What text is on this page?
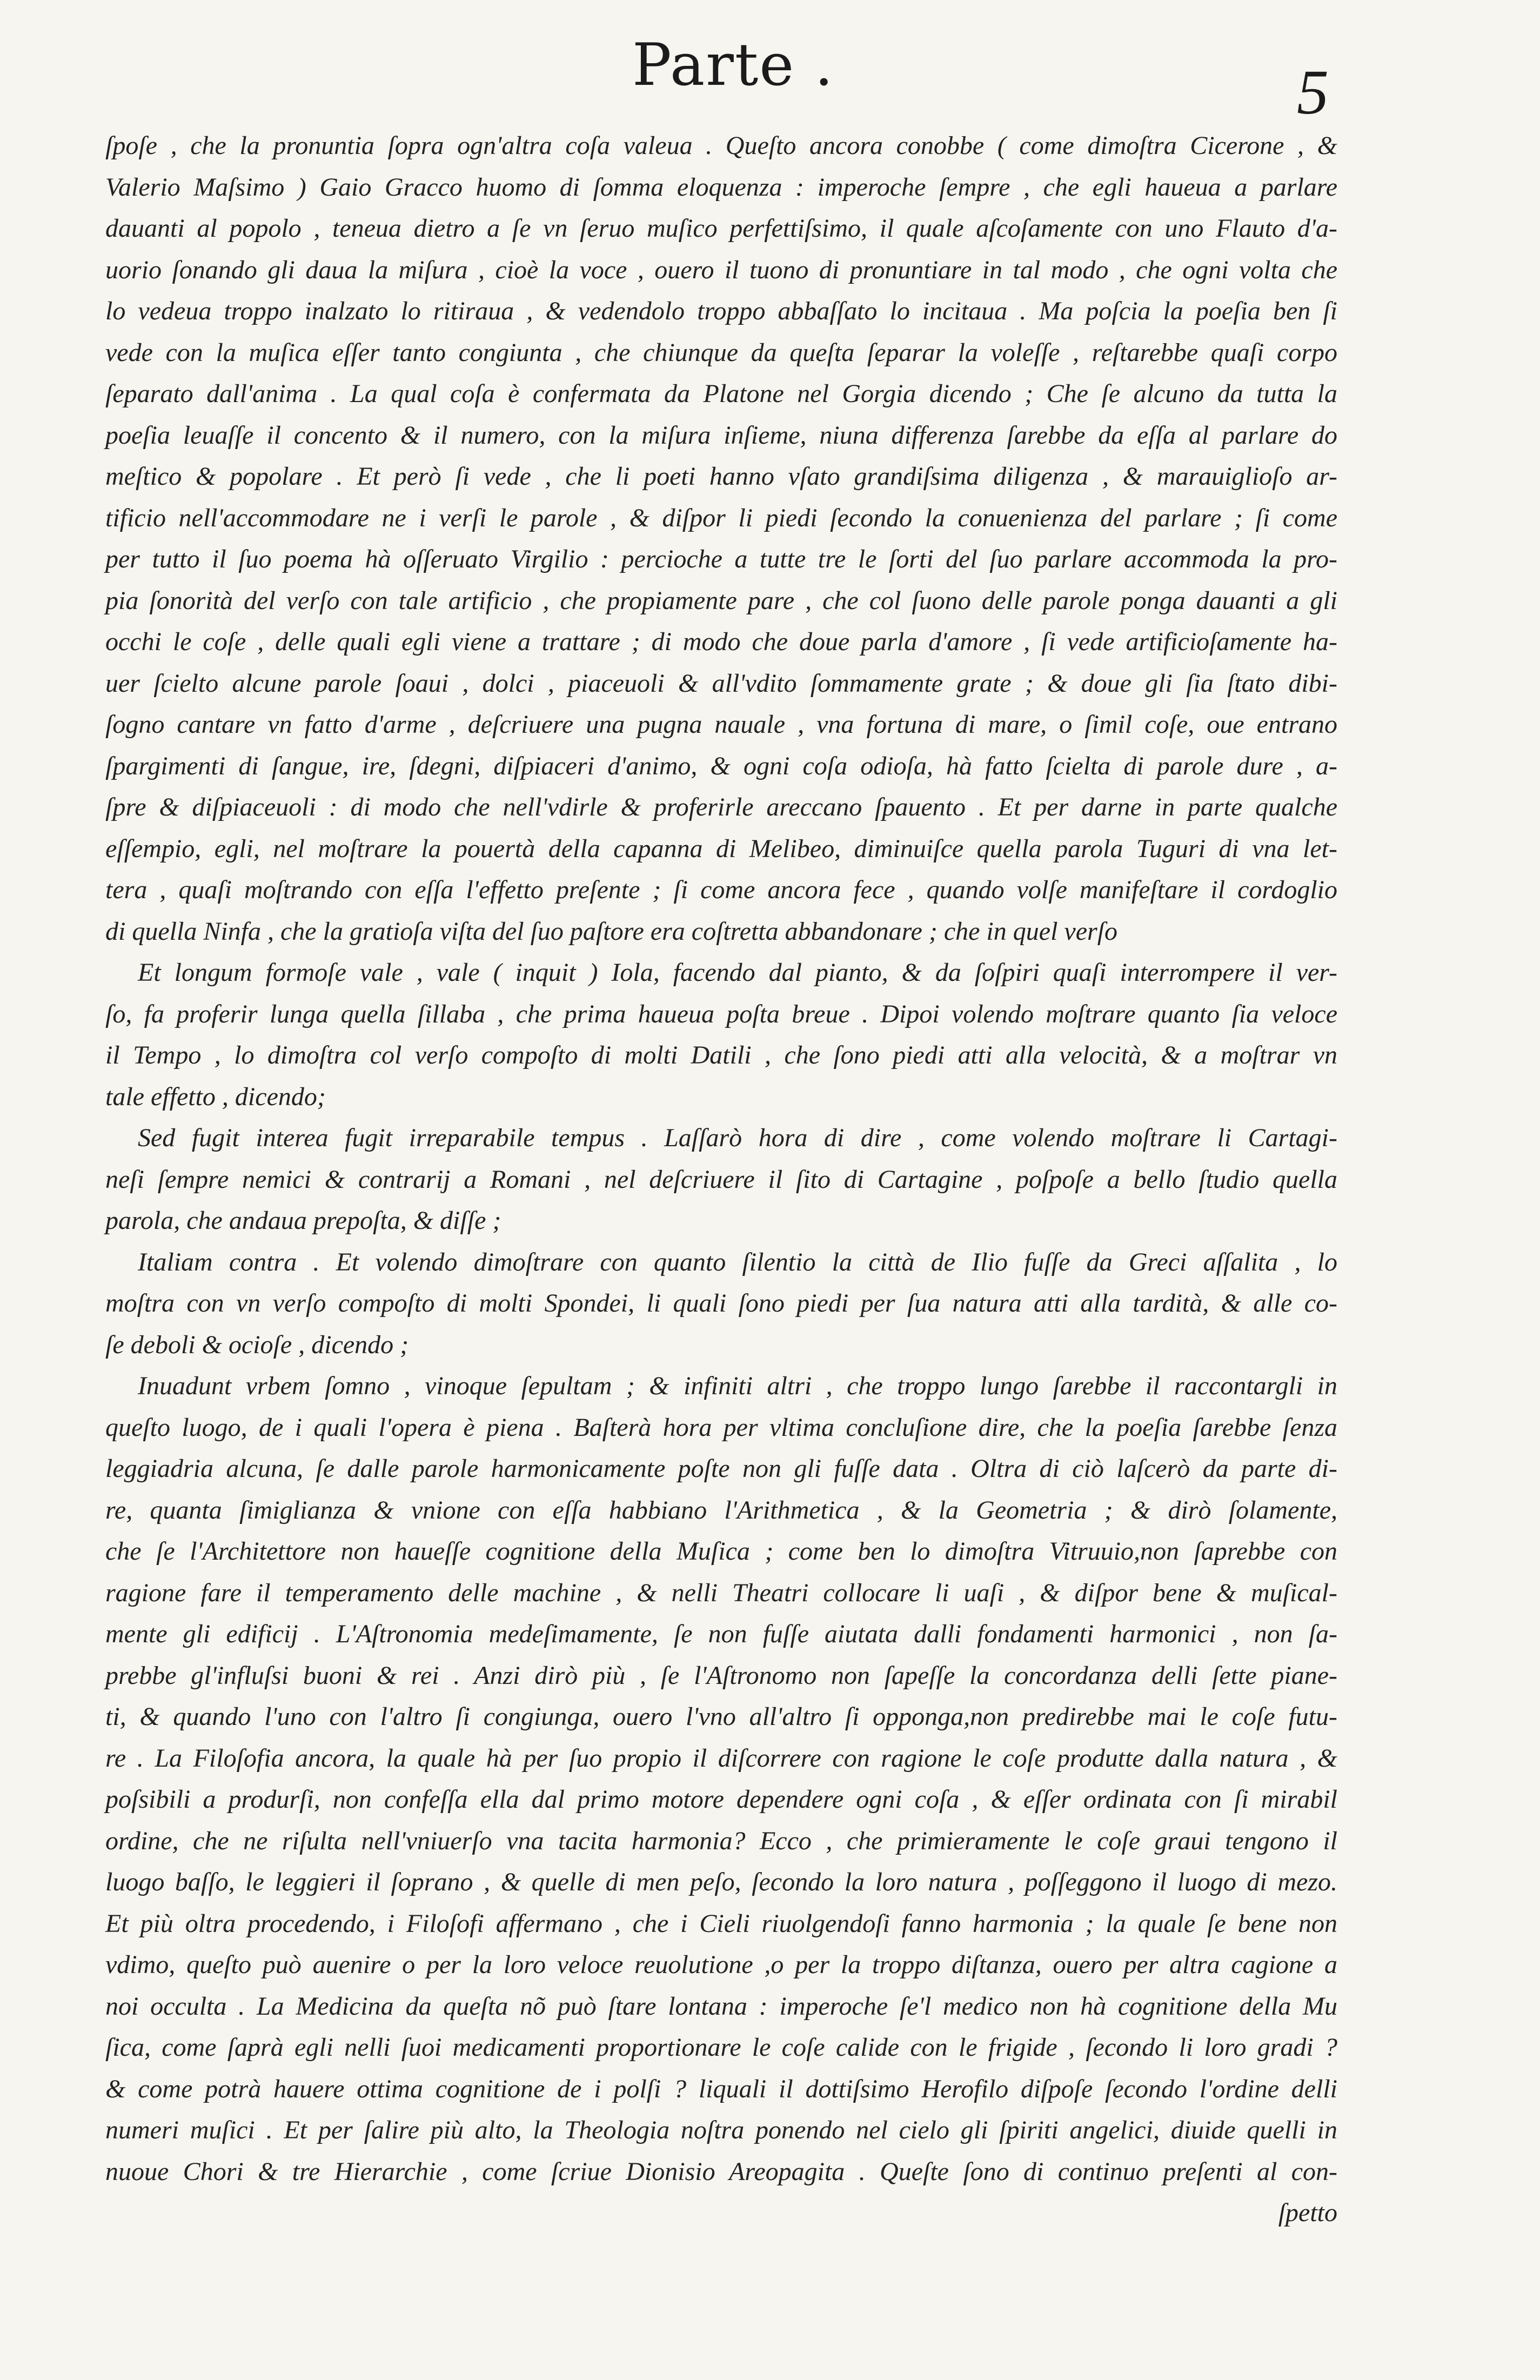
Parte .	5
ſpoſe , che la pronuntia ſopra ogn'altra coſa valeua . Queſto ancora conobbe ( come dimoſtra Cicerone , &
Valerio Maſsimo ) Gaio Gracco huomo di ſomma eloquenza : imperoche ſempre , che egli haueua a parlare
dauanti al popolo , teneua dietro a ſe vn ſeruo muſico perfettiſsimo, il quale aſcoſamente con uno Flauto d'a-
uorio ſonando gli daua la miſura , cioè la voce , ouero il tuono di pronuntiare in tal modo , che ogni volta che
lo vedeua troppo inalzato lo ritiraua , & vedendolo troppo abbaſſato lo incitaua . Ma poſcia la poeſia ben ſi
vede con la muſica eſſer tanto congiunta , che chiunque da queſta ſeparar la voleſſe , reſtarebbe quaſi corpo
ſeparato dall'anima . La qual coſa è confermata da Platone nel Gorgia dicendo ; Che ſe alcuno da tutta la
poeſia leuaſſe il concento & il numero, con la miſura inſieme, niuna differenza ſarebbe da eſſa al parlare do
meſtico & popolare . Et però ſi vede , che li poeti hanno vſato grandiſsima diligenza , & marauiglioſo ar-
tificio nell'accommodare ne i verſi le parole , & diſpor li piedi ſecondo la conuenienza del parlare ; ſi come
per tutto il ſuo poema hà oſſeruato Virgilio : percioche a tutte tre le ſorti del ſuo parlare accommoda la pro-
pia ſonorità del verſo con tale artificio , che propiamente pare , che col ſuono delle parole ponga dauanti a gli
occhi le coſe , delle quali egli viene a trattare ; di modo che doue parla d'amore , ſi vede artificioſamente ha-
uer ſcielto alcune parole ſoaui , dolci , piaceuoli & all'vdito ſommamente grate ; & doue gli ſia ſtato dibi-
ſogno cantare vn fatto d'arme , deſcriuere una pugna nauale , vna fortuna di mare, o ſimil coſe, oue entrano
ſpargimenti di ſangue, ire, ſdegni, diſpiaceri d'animo, & ogni coſa odioſa, hà fatto ſcielta di parole dure , a-
ſpre & diſpiaceuoli : di modo che nell'vdirle & proferirle areccano ſpauento . Et per darne in parte qualche
eſſempio, egli, nel moſtrare la pouertà della capanna di Melibeo, diminuiſce quella parola Tuguri di vna let-
tera , quaſi moſtrando con eſſa l'effetto preſente ; ſi come ancora fece , quando volſe manifeſtare il cordoglio
di quella Ninfa , che la gratioſa viſta del ſuo paſtore era coſtretta abbandonare ; che in quel verſo
Et longum formoſe vale , vale ( inquit ) Iola, facendo dal pianto, & da ſoſpiri quaſi interrompere il ver-
ſo, fa proferir lunga quella ſillaba , che prima haueua poſta breue . Dipoi volendo moſtrare quanto ſia veloce
il Tempo , lo dimoſtra col verſo compoſto di molti Datili , che ſono piedi atti alla velocità, & a moſtrar vn
tale effetto , dicendo;
Sed fugit interea fugit irreparabile tempus . Laſſarò hora di dire , come volendo moſtrare li Cartagi-
neſi ſempre nemici & contrarij a Romani , nel deſcriuere il ſito di Cartagine , poſpoſe a bello ſtudio quella
parola, che andaua prepoſta, & diſſe ;
Italiam contra . Et volendo dimoſtrare con quanto ſilentio la città de Ilio fuſſe da Greci aſſalita , lo
moſtra con vn verſo compoſto di molti Spondei, li quali ſono piedi per ſua natura atti alla tardità, & alle co-
ſe deboli & ocioſe , dicendo ;
Inuadunt vrbem ſomno , vinoque ſepultam ; & infiniti altri , che troppo lungo ſarebbe il raccontargli in
queſto luogo, de i quali l'opera è piena . Baſterà hora per vltima concluſione dire, che la poeſia ſarebbe ſenza
leggiadria alcuna, ſe dalle parole harmonicamente poſte non gli fuſſe data . Oltra di ciò laſcerò da parte di-
re, quanta ſimiglianza & vnione con eſſa habbiano l'Arithmetica , & la Geometria ; & dirò ſolamente,
che ſe l'Architettore non haueſſe cognitione della Muſica ; come ben lo dimoſtra Vitruuio,non ſaprebbe con
ragione fare il temperamento delle machine , & nelli Theatri collocare li uaſi , & diſpor bene & muſical-
mente gli edificij . L'Aſtronomia medeſimamente, ſe non fuſſe aiutata dalli fondamenti harmonici , non ſa-
prebbe gl'influſsi buoni & rei . Anzi dirò più , ſe l'Aſtronomo non ſapeſſe la concordanza delli ſette piane-
ti, & quando l'uno con l'altro ſi congiunga, ouero l'vno all'altro ſi opponga,non predirebbe mai le coſe futu-
re . La Filoſofia ancora, la quale hà per ſuo propio il diſcorrere con ragione le coſe produtte dalla natura , &
poſsibili a produrſi, non confeſſa ella dal primo motore dependere ogni coſa , & eſſer ordinata con ſi mirabil
ordine, che ne riſulta nell'vniuerſo vna tacita harmonia? Ecco , che primieramente le coſe graui tengono il
luogo baſſo, le leggieri il ſoprano , & quelle di men peſo, ſecondo la loro natura , poſſeggono il luogo di mezo.
Et più oltra procedendo, i Filoſofi affermano , che i Cieli riuolgendoſi fanno harmonia ; la quale ſe bene non
vdimo, queſto può auenire o per la loro veloce reuolutione ,o per la troppo diſtanza, ouero per altra cagione a
noi occulta . La Medicina da queſta nõ può ſtare lontana : imperoche ſe'l medico non hà cognitione della Mu
ſica, come ſaprà egli nelli ſuoi medicamenti proportionare le coſe calide con le frigide , ſecondo li loro gradi ?
& come potrà hauere ottima cognitione de i polſi ? liquali il dottiſsimo Herofilo diſpoſe ſecondo l'ordine delli
numeri muſici . Et per ſalire più alto, la Theologia noſtra ponendo nel cielo gli ſpiriti angelici, diuide quelli in
nuoue Chori & tre Hierarchie , come ſcriue Dionisio Areopagita . Queſte ſono di continuo preſenti al con-
ſpetto
